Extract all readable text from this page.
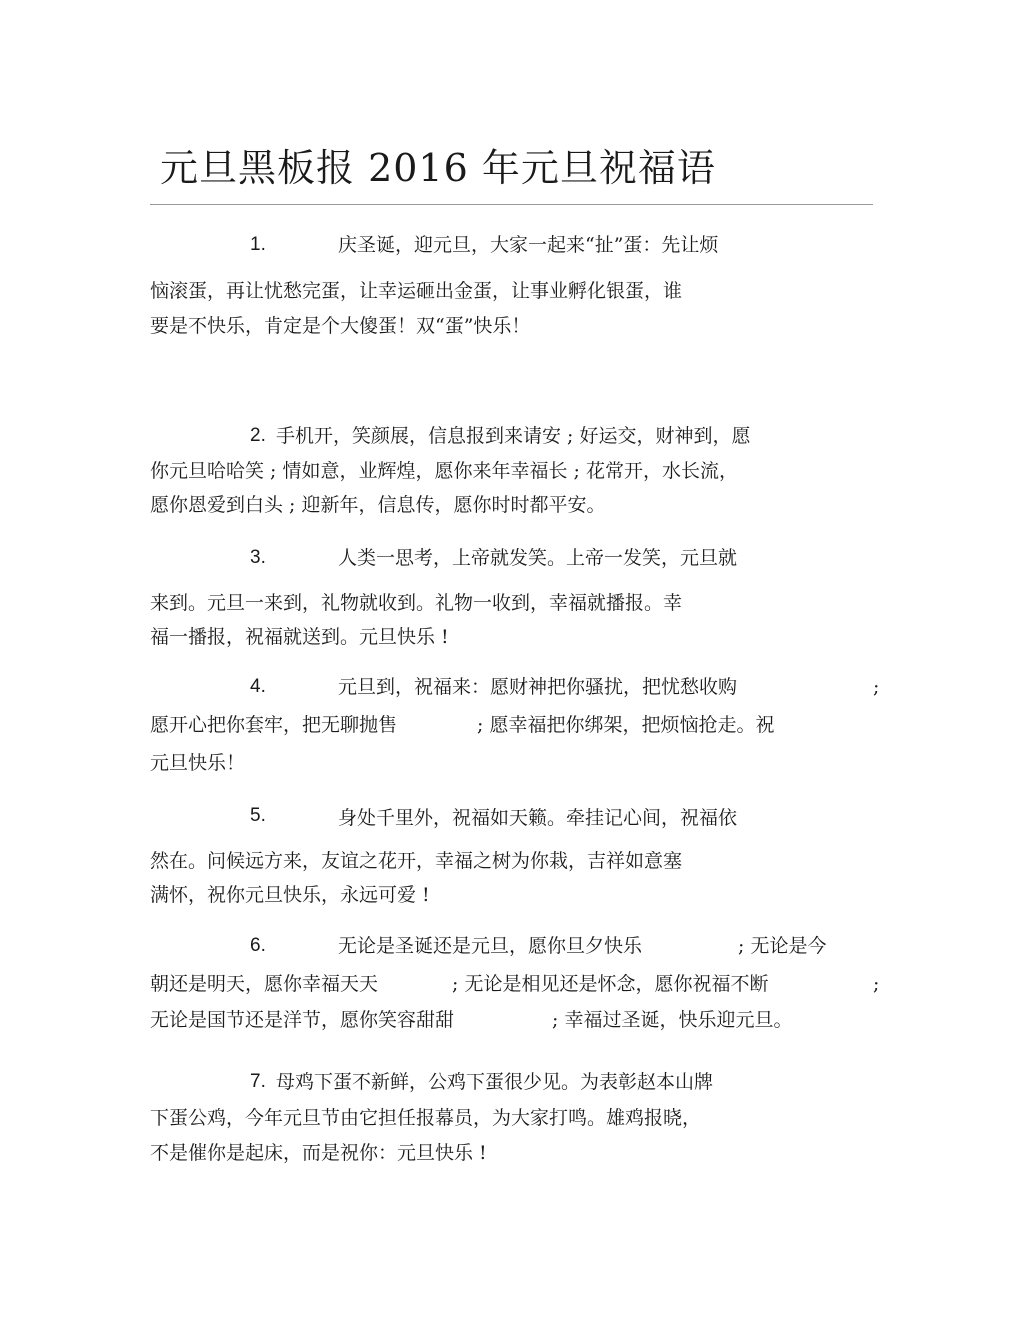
元旦黑板报 2016 年元旦祝福语
1.	庆圣诞，迎元旦，大家一起来“扯”蛋：先让烦
恼滚蛋，再让忧愁完蛋，让幸运砸出金蛋，让事业孵化银蛋，谁
要是不快乐，肯定是个大傻蛋！双“蛋”快乐！
2. 手机开，笑颜展，信息报到来请安 ; 好运交，财神到，愿
你元旦哈哈笑 ; 情如意，业辉煌，愿你来年幸福长 ; 花常开，水长流，
愿你恩爱到白头 ; 迎新年，信息传，愿你时时都平安。
3.	人类一思考，上帝就发笑。上帝一发笑，元旦就
来到。元旦一来到，礼物就收到。礼物一收到，幸福就播报。幸
福一播报，祝福就送到。元旦快乐 !
4.	元旦到，祝福来：愿财神把你骚扰，把忧愁收购	;
愿开心把你套牢，把无聊抛售	; 愿幸福把你绑架，把烦恼抢走。祝
元旦快乐！
5.	身处千里外，祝福如天籁。牵挂记心间，祝福依
然在。问候远方来，友谊之花开，幸福之树为你栽，吉祥如意塞
满怀，祝你元旦快乐，永远可爱 !
6.	无论是圣诞还是元旦，愿你旦夕快乐	; 无论是今
朝还是明天，愿你幸福天天	; 无论是相见还是怀念，愿你祝福不断	;
无论是国节还是洋节，愿你笑容甜甜	; 幸福过圣诞，快乐迎元旦。
7. 母鸡下蛋不新鲜，公鸡下蛋很少见。为表彰赵本山牌
下蛋公鸡，今年元旦节由它担任报幕员，为大家打鸣。雄鸡报晓，
不是催你是起床，而是祝你：元旦快乐 !
